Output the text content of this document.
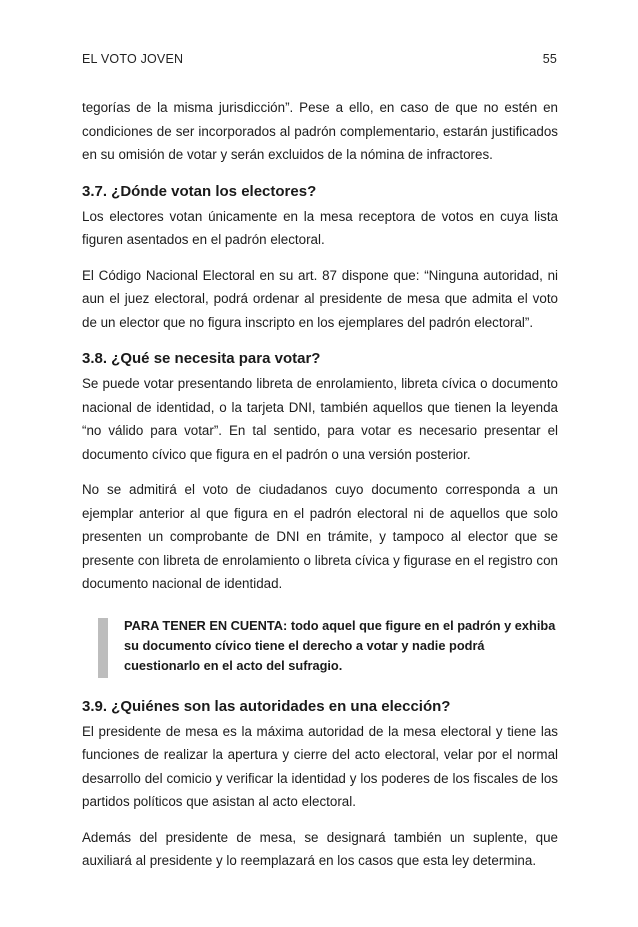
EL VOTO JOVEN	55

tegorías de la misma jurisdicción”. Pese a ello, en caso de que no estén en condiciones de ser incorporados al padrón complementario, estarán justificados en su omisión de votar y serán excluidos de la nómina de infractores.

3.7. ¿Dónde votan los electores?

Los electores votan únicamente en la mesa receptora de votos en cuya lista figuren asentados en el padrón electoral.

El Código Nacional Electoral en su art. 87 dispone que: “Ninguna autoridad, ni aun el juez electoral, podrá ordenar al presidente de mesa que admita el voto de un elector que no figura inscripto en los ejemplares del padrón electoral”.

3.8. ¿Qué se necesita para votar?

Se puede votar presentando libreta de enrolamiento, libreta cívica o documento nacional de identidad, o la tarjeta DNI, también aquellos que tienen la leyenda “no válido para votar”. En tal sentido, para votar es necesario presentar el documento cívico que figura en el padrón o una versión posterior.

No se admitirá el voto de ciudadanos cuyo documento corresponda a un ejemplar anterior al que figura en el padrón electoral ni de aquellos que solo presenten un comprobante de DNI en trámite, y tampoco al elector que se presente con libreta de enrolamiento o libreta cívica y figurase en el registro con documento nacional de identidad.

PARA TENER EN CUENTA: todo aquel que figure en el padrón y exhiba su documento cívico tiene el derecho a votar y nadie podrá cuestionarlo en el acto del sufragio.
3.9. ¿Quiénes son las autoridades en una elección?

El presidente de mesa es la máxima autoridad de la mesa electoral y tiene las funciones de realizar la apertura y cierre del acto electoral, velar por el normal desarrollo del comicio y verificar la identidad y los poderes de los fiscales de los partidos políticos que asistan al acto electoral.

Además del presidente de mesa, se designará también un suplente, que auxiliará al presidente y lo reemplazará en los casos que esta ley determina.
